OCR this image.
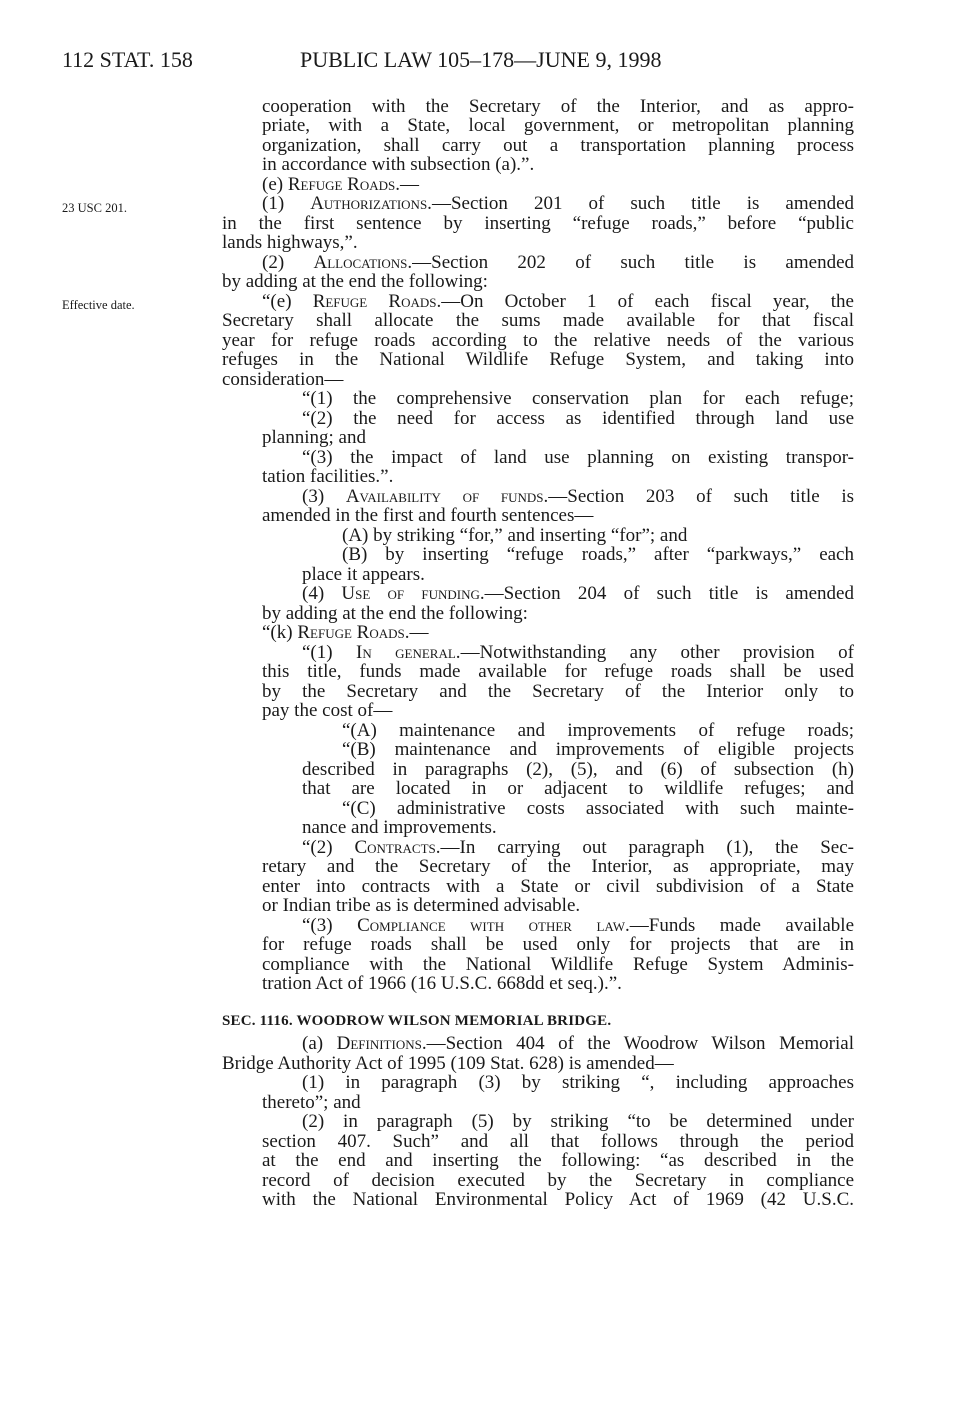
112 STAT. 158	PUBLIC LAW 105–178—JUNE 9, 1998
23 USC 201.
Effective date.
cooperation with the Secretary of the Interior, and as appro-
priate, with a State, local government, or metropolitan planning
organization, shall carry out a transportation planning process
in accordance with subsection (a).”.
(e) Refuge Roads.—
(1) Authorizations.—Section 201 of such title is amended
in the first sentence by inserting “refuge roads,” before “public
lands highways,”.
(2) Allocations.—Section 202 of such title is amended
by adding at the end the following:
“(e) Refuge Roads.—On October 1 of each fiscal year, the
Secretary shall allocate the sums made available for that fiscal
year for refuge roads according to the relative needs of the various
refuges in the National Wildlife Refuge System, and taking into
consideration—
“(1) the comprehensive conservation plan for each refuge;
“(2) the need for access as identified through land use
planning; and
“(3) the impact of land use planning on existing transpor-
tation facilities.”.
(3) Availability of funds.—Section 203 of such title is
amended in the first and fourth sentences—
(A) by striking “for,” and inserting “for”; and
(B) by inserting “refuge roads,” after “parkways,” each
place it appears.
(4) Use of funding.—Section 204 of such title is amended
by adding at the end the following:
“(k) Refuge Roads.—
“(1) In general.—Notwithstanding any other provision of
this title, funds made available for refuge roads shall be used
by the Secretary and the Secretary of the Interior only to
pay the cost of—
“(A) maintenance and improvements of refuge roads;
“(B) maintenance and improvements of eligible projects
described in paragraphs (2), (5), and (6) of subsection (h)
that are located in or adjacent to wildlife refuges; and
“(C) administrative costs associated with such mainte-
nance and improvements.
“(2) Contracts.—In carrying out paragraph (1), the Sec-
retary and the Secretary of the Interior, as appropriate, may
enter into contracts with a State or civil subdivision of a State
or Indian tribe as is determined advisable.
“(3) Compliance with other law.—Funds made available
for refuge roads shall be used only for projects that are in
compliance with the National Wildlife Refuge System Adminis-
tration Act of 1966 (16 U.S.C. 668dd et seq.).”.
SEC. 1116. WOODROW WILSON MEMORIAL BRIDGE.
(a) Definitions.—Section 404 of the Woodrow Wilson Memorial
Bridge Authority Act of 1995 (109 Stat. 628) is amended—
(1) in paragraph (3) by striking “, including approaches
thereto”; and
(2) in paragraph (5) by striking “to be determined under
section 407. Such” and all that follows through the period
at the end and inserting the following: “as described in the
record of decision executed by the Secretary in compliance
with the National Environmental Policy Act of 1969 (42 U.S.C.
